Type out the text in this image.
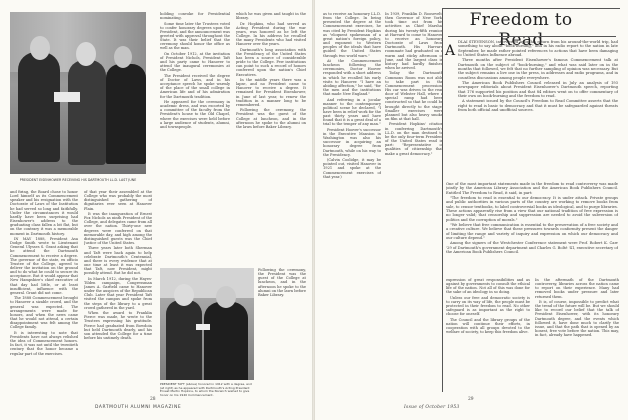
PRESIDENT EISENHOWER RECEIVING HIS DARTMOUTH LL.D. LAST JUNE
PRESIDENT TAFT (above) honored in 1912 with a degree, and (at right) as he appeared with Dartmouth's Acting President Ernest Martin Hopkins, to whom the Norwich wished to give honor on his 1940 Commencement.

and firing, the Board chose to honor Lord himself as its Commencement speaker and his resignation with the Doctorate of Laws of the Institution he had served so long and faithfully. Under the circumstances it would hardly have been surprising had Eisenhower's address to the graduating class fallen a bit flat, but on the contrary it was a memorable moment in Dartmouth history.

IN MAY 1888, President Asa Dodge Smith wrote to Lieutenant General Ulysses S. Grant asking that he attend the Dartmouth Commencement to receive a degree. The governor of the state, ex officio Trustee of the College, agreed to deliver the invitation on the ground and to do what he could to secure its acceptance. But it would appear that New Hampshire's chief executive of that day had little, or at least insufficient, influence with the general. Grant did not come.

The 1888 Commencement brought to Hanover a sizable crowd, and the general was expected. The arrangements were made for honors, and when the news came that he would not attend, a certain disappointment was felt among the College family.

It is interesting to note that Presidents have not always relished the idea of Commencement honors. In fact, it was not until the twentieth century that the honor became a regular part of the exercises.

of that year their assembled at the College who was probably the most distinguished gathering of dignitaries ever seen at Hanover Plain.

It was the inauguration of Ernest Fox Nichols as ninth President of the College, and delegates came from all over the nation. Thirty-one new degrees were conferred on that memorable day, and high among the distinguished guests was the Chief Justice of the United States.

Three years later both Sherman and Taft were back again to help celebrate Dartmouth's Centennial, and there is every evidence that at one time at least it was expected that Taft, now President, might possibly attend. But he did not.

In March 1912, during the Hayes-Tilden campaign, Congressman James A. Garfield came to Hanover under the auspices of the Republican Club. Later that year President Taft visited the campus and spoke from the steps of the library to a great crowd gathered in the yard.

When the award to Franklin Pierce was made, he wrote to the Trustees expressing his gratitude. Pierce had graduated from Bowdoin but held Dartmouth dearly, and his son attended the College for a time before his untimely death.

holding convoke for Presidential nominating.

Some time later the Trustees voted to confer honorary degrees upon the President, and the announcement was greeted with approval throughout the State. It was their belief that the ceremony should honor the office as well as the man.

On October 1912, at the invitation of President Nichols, President Taft and his party came to Hanover to attend the inaugural ceremonies at the College.

The President received the degree of Doctor of Laws, and in his acceptance speech he spoke warmly of the place of the small college in American life and of his admiration for the Dartmouth tradition.

He appeared for the ceremony in academic dress, and was escorted by a committee of the faculty from the President's house to the Old Chapel, where the exercises were held before a large audience of students, alumni, and townspeople.

which he was given and taught in the library.

Dr. Hopkins, who had served as Acting President during the war years, was honored as he left the College. In his address he recalled the many Presidents who had visited Hanover over the years.

Dartmouth's long association with the Presidency of the United States has been a source of considerable pride to the College. Few institutions can point to such a record of honors conferred upon the nation's Chief Executives.

In the middle years there was a lapse, and no President came to Hanover to receive a degree. It remained for President Eisenhower, in June of last year, to renew the tradition in a manner long to be remembered.

Following the ceremony, the President was the guest of the College at luncheon, and in the afternoon he spoke to the alumni on the lawn before Baker Library.

Following the ceremony, the President was the guest of the College at luncheon, and in the afternoon he spoke to the alumni on the lawn before Baker Library.

28
DARTMOUTH ALUMNI MAGAZINE

as to receive an honorary LL.D. from the College. In being presented the degree at the Commencement exercises, he was cited by President Hopkins as "eloquent spokesman of a great nation's foreign policy, and exponent to Western peoples of the ideals that have guided the United States through two world wars."

At the Commencement luncheon following the ceremonies, Doctor Hoover responded with a short address in which he recalled his early visits to Hanover. "I have an abiding affection," he said, "for the men and the institutions that made New England."

And referring in a jocular manner to the contemporary political scene he declared, "I have been in relief work for the past thirty years and have found that it is a great deal of a trial to the temper of any man."

President Hoover's successor in the Executive Mansion in Washington was also his successor in acquiring an honorary degree from Dartmouth, while on his way to the Presidency.

(Calvin Coolidge, it may be pointed out, visited Hanover in 1921 and spoke at the Commencement exercises of that year.)

In 1939, Franklin D. Roosevelt, then Governor of New York, took time out from his activities as Chief Marshal during his twenty-fifth reunion at Harvard to come to Hanover to receive an honorary Doctorate of Laws from Dartmouth. His Harvard roommate had graduated on a warm and sticky afternoon of June, and the largest class in history had hardly finished when he arrived.

Today the Dartmouth Commons Room was not able to take part in the Commencement procession. His car was driven to the rear door of Webster Hall, where a special ramp had been constructed so that he could be brought directly to the stage. Smaller exercises were planned but also heavy smoke on film at that hall.

President Hopkins' citation in conferring Dartmouth's LL.D. on the man destined to be the only four-term President of the United States read in part: "Representative of qualities of citizenship that make a great democracy."

Freedom to Read
A

DLAI STEVENSON, interviewed upon his return from his around-the-world trip, had something to say about "book-burning," and in his radio report to the nation in late September, he made rather pointed references to actions that have been damaging to United States Influence abroad.

Three months after President Eisenhower's famous Commencement talk at Dartmouth on the subject of "book-burning," and what was said later on in the months that followed, we felt that no further sampling of opinion was necessary. But the subject remains a live one in the press, in addresses and radio programs, and in countless discussions among people everywhere.

The American Book Publishers Council released in July an analysis of 193 newspaper editorials about President Eisenhower's Dartmouth speech, reporting that 176 supported his position and that 84 editors went on to offer commentary of their own on book-burning and the freedom to read.

A statement issued by the Council's Freedom to Read Committee asserts that the right to read is basic to democracy and that it must be safeguarded against threats from both official and unofficial sources.

One of the most important statements made in the freedom to read controversy was made jointly by the American Library Association and the American Book Publishers Council. Entitled The Freedom to Read, it said, in part:

"The freedom to read is essential to our democracy. It is under attack. Private groups and public authorities in various parts of the country are working to remove books from sale, to censor textbooks, to label controversial books as ideological, and to purge libraries. These actions apparently rise from a view that our national tradition of free expression is no longer valid; that censorship and suppression are needed to avoid the subversion of politics and the corruption of morals."

"We believe that free communication is essential to the preservation of a free society and a creative culture. We believe that these pressures towards conformity present the danger of limiting the range and variety of inquiry and expression on which our democracy and our culture depend."

Among the signers of the Westchester Conference statement were Prof. Robert K. Carr '29 of Dartmouth's government department and Charles G. Bolté '41, executive secretary of the American Book Publishers Council.

expression of great responsibilities and as against by governments to consult the ethical life of the nation. Not all of this was done for the sake of an ideology in so doing.

Unless our free and democratic society is to carry on its way of life, the people must be protected in their freedom to read. No other safeguard is as important as the right to choose for oneself.

The Council and the library groups of the nation will continue their efforts, in cooperation with all groups devoted to the welfare of society, to keep this freedom alive.

In the aftermath of the Dartmouth controversy, libraries across the nation came to report on their experience. Many had removed books under pressure and later returned them.

It is, of course, impossible to predict what the trend of the future will be. But we should like to record our belief that the talk of President Eisenhower, with its honorary Dartmouth degree, and the events which followed it, have done much to clarify the issue, and that the path that is opened by an honest, free vote before the nation. This may, in fact, already have happened.

Issue of October 1953
29
